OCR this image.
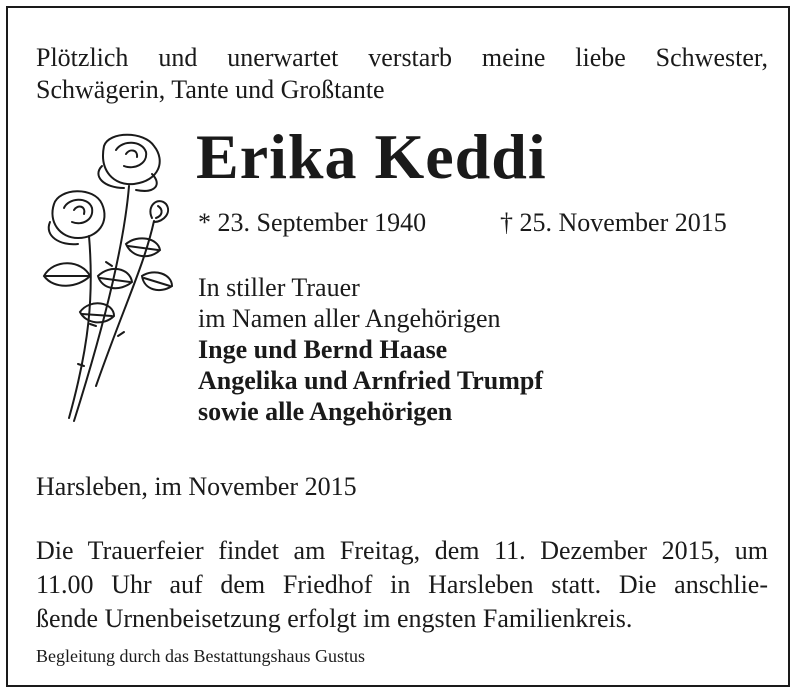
Plötzlich und unerwartet verstarb meine liebe Schwester,
Schwägerin, Tante und Großtante
Erika Keddi
* 23. September 1940	† 25. November 2015
In stiller Trauer
im Namen aller Angehörigen
Inge und Bernd Haase
Angelika und Arnfried Trumpf
sowie alle Angehörigen
Harsleben, im November 2015
Die Trauerfeier findet am Freitag, dem 11. Dezember 2015, um
11.00 Uhr auf dem Friedhof in Harsleben statt. Die anschlie-
ßende Urnenbeisetzung erfolgt im engsten Familienkreis.
Begleitung durch das Bestattungshaus Gustus
